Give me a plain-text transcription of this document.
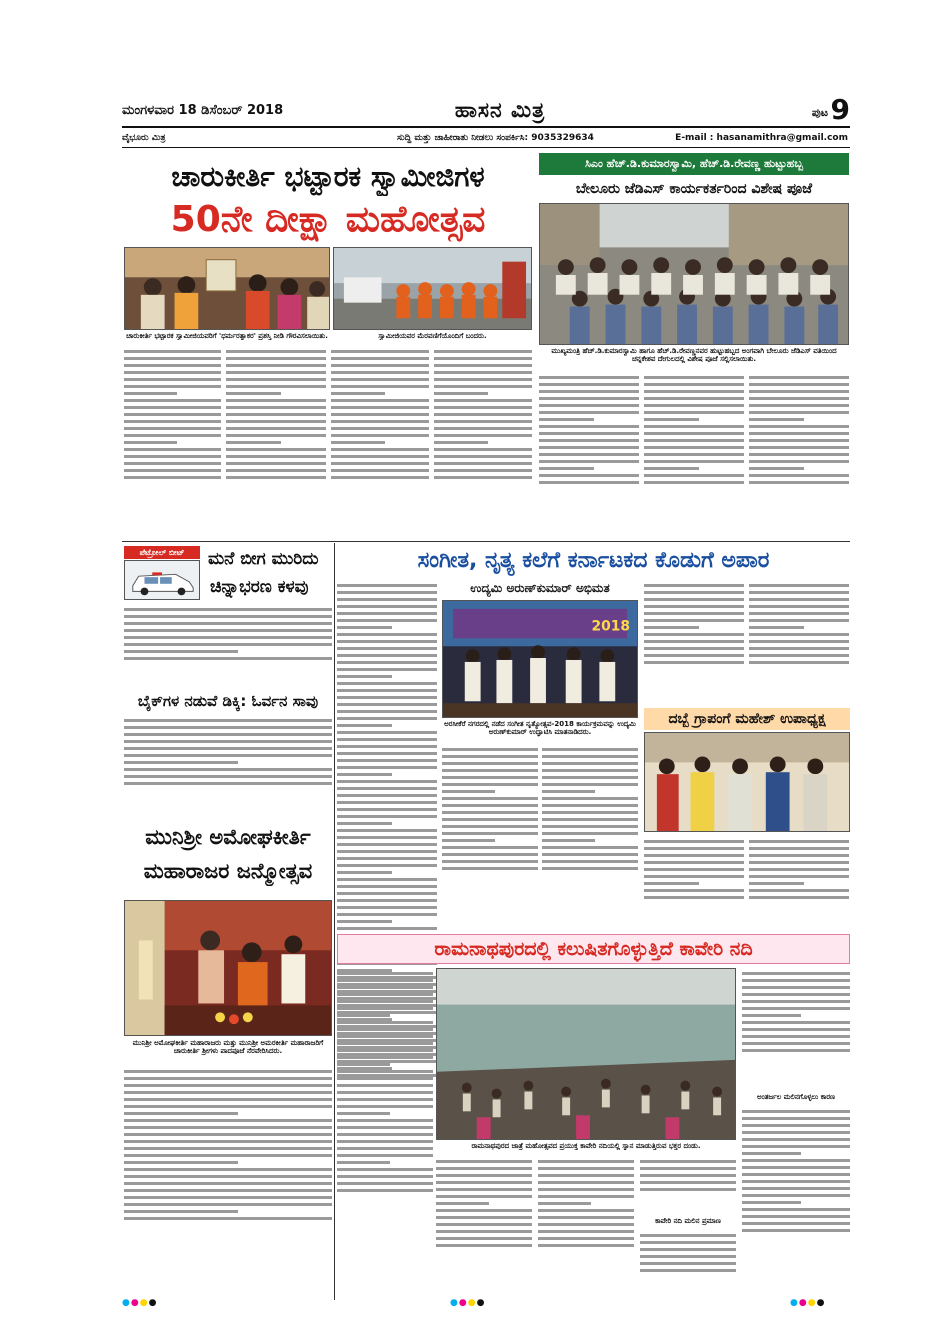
ಮಂಗಳವಾರ 18 ಡಿಸೆಂಬರ್ 2018	ಹಾಸನ ಮಿತ್ರ	ಪುಟ 9
ವೈಭೂರು ಮಿತ್ರ	ಸುದ್ದಿ ಮತ್ತು ಜಾಹೀರಾತು ನೀಡಲು ಸಂಪರ್ಕಿಸಿ: 9035329634	E-mail : hasanamithra@gmail.com
ಚಾರುಕೀರ್ತಿ ಭಟ್ಟಾರಕ ಸ್ವಾಮೀಜಿಗಳ
50ನೇ ದೀಕ್ಷಾ ಮಹೋತ್ಸವ
ಚಾರುಕೀರ್ತಿ ಭಟ್ಟಾರಕ ಸ್ವಾಮೀಜಿಯವರಿಗೆ 'ಧರ್ಮರತ್ನಾಕರ' ಪ್ರಶಸ್ತಿ ನೀಡಿ ಗೌರವಿಸಲಾಯಿತು.	ಸ್ವಾಮೀಜಿಯವರ ಮೆರವಣಿಗೆಯೊಂದಿಗೆ ಬಂದರು.
ಸಿಎಂ ಹೆಚ್.ಡಿ.ಕುಮಾರಸ್ವಾಮಿ, ಹೆಚ್.ಡಿ.ರೇವಣ್ಣ ಹುಟ್ಟುಹಬ್ಬ
ಬೇಲೂರು ಜೆಡಿಎಸ್ ಕಾರ್ಯಕರ್ತರಿಂದ ವಿಶೇಷ ಪೂಜೆ
ಮುಖ್ಯಮಂತ್ರಿ ಹೆಚ್.ಡಿ.ಕುಮಾರಸ್ವಾಮಿ ಹಾಗೂ ಹೆಚ್.ಡಿ.ರೇವಣ್ಣನವರ ಹುಟ್ಟುಹಬ್ಬದ ಅಂಗವಾಗಿ ಬೇಲೂರು ಜೆಡಿಎಸ್ ವತಿಯಿಂದ ಚನ್ನಕೇಶವ ದೇಗುಲದಲ್ಲಿ ವಿಶೇಷ ಪೂಜೆ ಸಲ್ಲಿಸಲಾಯಿತು.
ಪೆಟ್ರೋಲ್ ಬೀಟ್	ಮನೆ ಬೀಗ ಮುರಿದು
ಚಿನ್ನಾಭರಣ ಕಳವು
ಬೈಕ್‌ಗಳ ನಡುವೆ ಡಿಕ್ಕಿ: ಓರ್ವನ ಸಾವು
ಸಂಗೀತ, ನೃತ್ಯ ಕಲೆಗೆ ಕರ್ನಾಟಕದ ಕೊಡುಗೆ ಅಪಾರ
ಉದ್ಯಮಿ ಅರುಣ್‌ಕುಮಾರ್ ಅಭಿಮತ
2018
ಅರಸೀಕೆರೆ ನಗರದಲ್ಲಿ ನಡೆದ ಸಂಗೀತ ನೃತ್ಯೋತ್ಸವ-2018 ಕಾರ್ಯಕ್ರಮವನ್ನು ಉದ್ಯಮಿ ಅರುಣ್‌ಕುಮಾರ್ ಉದ್ಘಾಟಿಸಿ ಮಾತನಾಡಿದರು.
ದಬ್ಬೆ ಗ್ರಾಪಂಗೆ ಮಹೇಶ್ ಉಪಾಧ್ಯಕ್ಷ
ಮುನಿಶ್ರೀ ಅಮೋಘಕೀರ್ತಿ
ಮಹಾರಾಜರ ಜನ್ಮೋತ್ಸವ
ಮುನಿಶ್ರೀ ಅಮೋಘಕೀರ್ತಿ ಮಹಾರಾಜರು ಮತ್ತು ಮುನಿಶ್ರೀ ಅಮರಕೀರ್ತಿ ಮಹಾರಾಜರಿಗೆ ಚಾರುಕೀರ್ತಿ ಶ್ರೀಗಳು ಪಾದಪೂಜೆ ನೆರವೇರಿಸಿದರು.
ರಾಮನಾಥಪುರದಲ್ಲಿ ಕಲುಷಿತಗೊಳ್ಳುತ್ತಿದೆ ಕಾವೇರಿ ನದಿ
ರಾಮನಾಥಪುರದ ಜಾತ್ರೆ ಮಹೋತ್ಸವದ ಪ್ರಯುಕ್ತ ಕಾವೇರಿ ನದಿಯಲ್ಲಿ ಸ್ನಾನ ಮಾಡುತ್ತಿರುವ ಭಕ್ತರ ದಂಡು.
ಕಾವೇರಿ ನದಿ ಮಲಿನ ಪ್ರಮಾಣ
ಅಂತರ್ಜಲ ಮಲಿನಗೊಳ್ಳಲು ಕಾರಣ
●●●●	●●●●	●●●●
